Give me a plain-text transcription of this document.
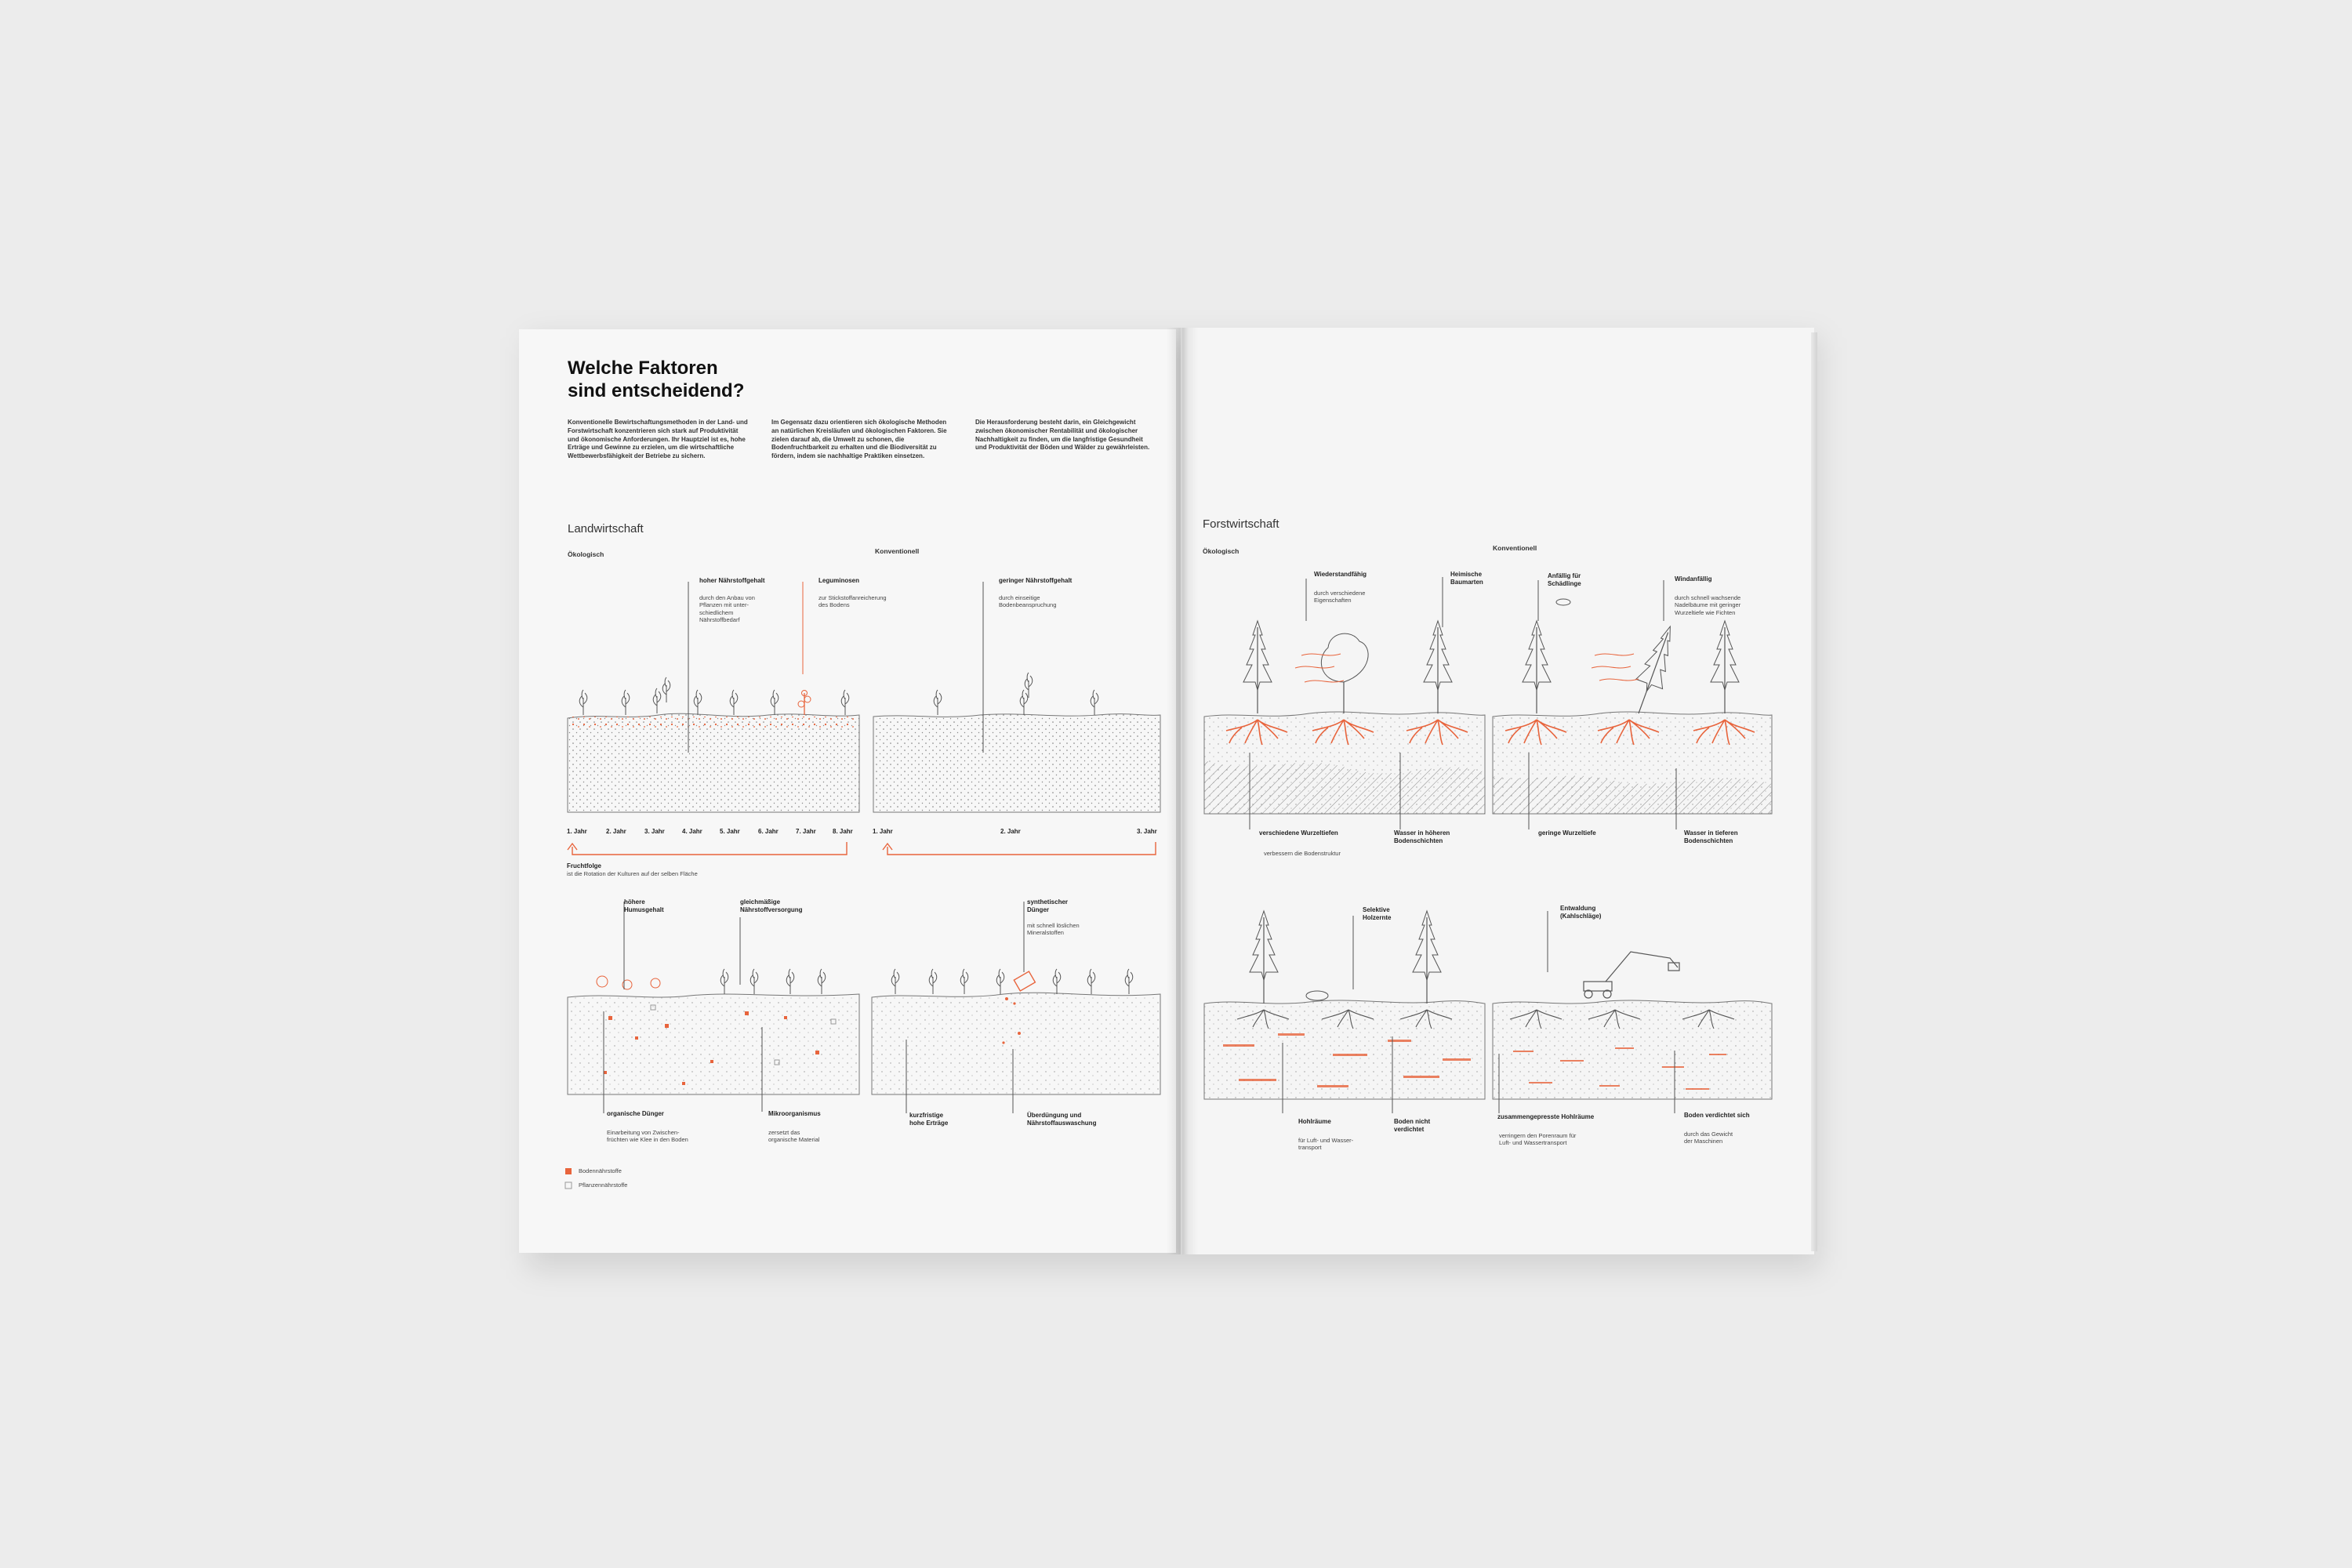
Welche Faktoren
sind entscheidend?
Konventionelle Bewirtschaftungsmethoden in der Land- und Forstwirtschaft konzentrieren sich stark auf Produktivität und ökonomische Anforderungen. Ihr Hauptziel ist es, hohe Erträge und Gewinne zu erzielen, um die wirtschaftliche Wettbewerbsfähigkeit der Betriebe zu sichern.
Im Gegensatz dazu orientieren sich ökologische Methoden an natürlichen Kreisläufen und ökologischen Faktoren. Sie zielen darauf ab, die Umwelt zu schonen, die Bodenfruchtbarkeit zu erhalten und die Biodiversität zu fördern, indem sie nachhaltige Praktiken einsetzen.
Die Herausforderung besteht darin, ein Gleichgewicht zwischen ökonomischer Rentabilität und ökologischer Nachhaltigkeit zu finden, um die langfristige Gesundheit und Produktivität der Böden und Wälder zu gewährleisten.
Landwirtschaft
Ökologisch	Konventionell
hoher Nährstoffgehalt
durch den Anbau von
Pflanzen mit unter-
schiedlichem
Nährstoffbedarf
Leguminosen
zur Stickstoffanreicherung
des Bodens
geringer Nährstoffgehalt
durch einseitige
Bodenbeanspruchung
1. Jahr	2. Jahr	3. Jahr	4. Jahr	5. Jahr	6. Jahr	7. Jahr	8. Jahr	1. Jahr	2. Jahr	3. Jahr
Fruchtfolge
ist die Rotation der Kulturen auf der selben Fläche
höhere
Humusgehalt
gleichmäßige
Nährstoffversorgung
synthetischer
Dünger
mit schnell löslichen
Mineralstoffen
organische Dünger
Einarbeitung von Zwischen-
früchten wie Klee in den Boden
Mikroorganismus
zersetzt das
organische Material
kurzfristige
hohe Erträge
Überdüngung und
Nährstoffauswaschung
Bodennährstoffe
Pflanzennährstoffe
Forstwirtschaft
Ökologisch	Konventionell
Wiederstandfähig
durch verschiedene
Eigenschaften
Heimische
Baumarten
Anfällig für
Schädlinge
Windanfällig
durch schnell wachsende
Nadelbäume mit geringer
Wurzeltiefe wie Fichten
verschiedene Wurzeltiefen
verbessern die Bodenstruktur
Wasser in höheren
Bodenschichten
geringe Wurzeltiefe	Wasser in tieferen
Bodenschichten
Selektive
Holzernte
Entwaldung
(Kahlschläge)
Hohlräume
für Luft- und Wasser-
transport
Boden nicht
verdichtet
zusammengepresste Hohlräume
verringern den Porenraum für
Luft- und Wassertransport
Boden verdichtet sich
durch das Gewicht
der Maschinen
